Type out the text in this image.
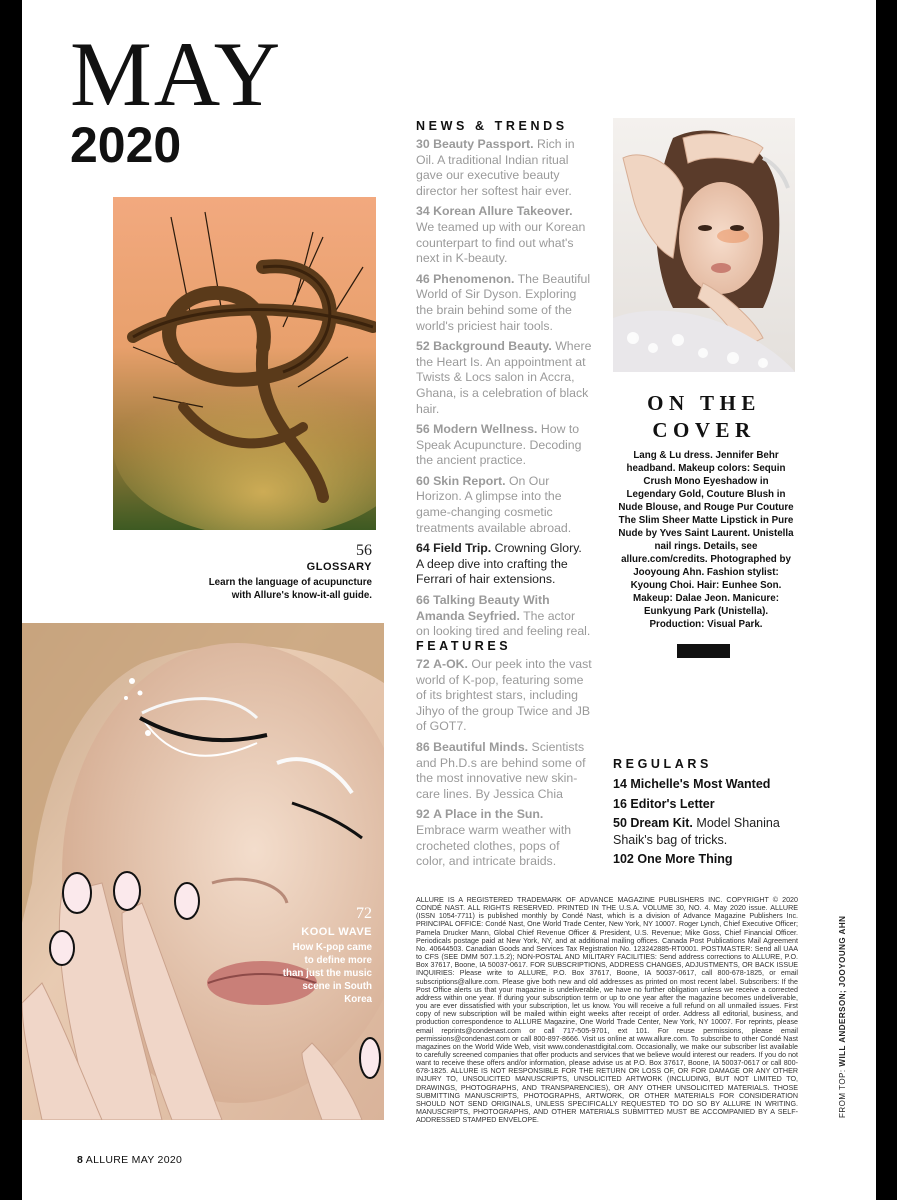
MAY
2020
56
GLOSSARY
Learn the language of acupuncture with Allure's know-it-all guide.
72
KOOL WAVE
How K-pop came to define more than just the music scene in South Korea
NEWS & TRENDS
30 Beauty Passport. Rich in Oil. A traditional Indian ritual gave our executive beauty director her softest hair ever.
34 Korean Allure Takeover. We teamed up with our Korean counterpart to find out what's next in K-beauty.
46 Phenomenon. The Beautiful World of Sir Dyson. Exploring the brain behind some of the world's priciest hair tools.
52 Background Beauty. Where the Heart Is. An appointment at Twists & Locs salon in Accra, Ghana, is a celebration of black hair.
56 Modern Wellness. How to Speak Acupuncture. Decoding the ancient practice.
60 Skin Report. On Our Horizon. A glimpse into the game-changing cosmetic treatments available abroad.
64 Field Trip. Crowning Glory. A deep dive into crafting the Ferrari of hair extensions.
66 Talking Beauty With Amanda Seyfried. The actor on looking tired and feeling real.
FEATURES
72 A-OK. Our peek into the vast world of K-pop, featuring some of its brightest stars, including Jihyo of the group Twice and JB of GOT7.
86 Beautiful Minds. Scientists and Ph.D.s are behind some of the most innovative new skin-care lines. By Jessica Chia
92 A Place in the Sun. Embrace warm weather with crocheted clothes, pops of color, and intricate braids.
ON THE
COVER
Lang & Lu dress. Jennifer Behr headband. Makeup colors: Sequin Crush Mono Eyeshadow in Legendary Gold, Couture Blush in Nude Blouse, and Rouge Pur Couture The Slim Sheer Matte Lipstick in Pure Nude by Yves Saint Laurent. Unistella nail rings. Details, see allure.com/credits. Photographed by Jooyoung Ahn. Fashion stylist: Kyoung Choi. Hair: Eunhee Son. Makeup: Dalae Jeon. Manicure: Eunkyung Park (Unistella). Production: Visual Park.
REGULARS
14 Michelle's Most Wanted
16 Editor's Letter
50 Dream Kit. Model Shanina Shaik's bag of tricks.
102 One More Thing
ALLURE IS A REGISTERED TRADEMARK OF ADVANCE MAGAZINE PUBLISHERS INC. COPYRIGHT © 2020 CONDÉ NAST. ALL RIGHTS RESERVED. PRINTED IN THE U.S.A. VOLUME 30, NO. 4. May 2020 issue. ALLURE (ISSN 1054-7711) is published monthly by Condé Nast, which is a division of Advance Magazine Publishers Inc. PRINCIPAL OFFICE: Condé Nast, One World Trade Center, New York, NY 10007. Roger Lynch, Chief Executive Officer; Pamela Drucker Mann, Global Chief Revenue Officer & President, U.S. Revenue; Mike Goss, Chief Financial Officer. Periodicals postage paid at New York, NY, and at additional mailing offices. Canada Post Publications Mail Agreement No. 40644503. Canadian Goods and Services Tax Registration No. 123242885-RT0001. POSTMASTER: Send all UAA to CFS (SEE DMM 507.1.5.2); NON-POSTAL AND MILITARY FACILITIES: Send address corrections to ALLURE, P.O. Box 37617, Boone, IA 50037-0617. FOR SUBSCRIPTIONS, ADDRESS CHANGES, ADJUSTMENTS, OR BACK ISSUE INQUIRIES: Please write to ALLURE, P.O. Box 37617, Boone, IA 50037-0617, call 800-678-1825, or email subscriptions@allure.com. Please give both new and old addresses as printed on most recent label. Subscribers: If the Post Office alerts us that your magazine is undeliverable, we have no further obligation unless we receive a corrected address within one year. If during your subscription term or up to one year after the magazine becomes undeliverable, you are ever dissatisfied with your subscription, let us know. You will receive a full refund on all unmailed issues. First copy of new subscription will be mailed within eight weeks after receipt of order. Address all editorial, business, and production correspondence to ALLURE Magazine, One World Trade Center, New York, NY 10007. For reprints, please email reprints@condenast.com or call 717-505-9701, ext 101. For reuse permissions, please email permissions@condenast.com or call 800-897-8666. Visit us online at www.allure.com. To subscribe to other Condé Nast magazines on the World Wide Web, visit www.condenastdigital.com. Occasionally, we make our subscriber list available to carefully screened companies that offer products and services that we believe would interest our readers. If you do not want to receive these offers and/or information, please advise us at P.O. Box 37617, Boone, IA 50037-0617 or call 800-678-1825. ALLURE IS NOT RESPONSIBLE FOR THE RETURN OR LOSS OF, OR FOR DAMAGE OR ANY OTHER INJURY TO, UNSOLICITED MANUSCRIPTS, UNSOLICITED ARTWORK (INCLUDING, BUT NOT LIMITED TO, DRAWINGS, PHOTOGRAPHS, AND TRANSPARENCIES), OR ANY OTHER UNSOLICITED MATERIALS. THOSE SUBMITTING MANUSCRIPTS, PHOTOGRAPHS, ARTWORK, OR OTHER MATERIALS FOR CONSIDERATION SHOULD NOT SEND ORIGINALS, UNLESS SPECIFICALLY REQUESTED TO DO SO BY ALLURE IN WRITING. MANUSCRIPTS, PHOTOGRAPHS, AND OTHER MATERIALS SUBMITTED MUST BE ACCOMPANIED BY A SELF-ADDRESSED STAMPED ENVELOPE.
FROM TOP: WILL ANDERSON; JOOYOUNG AHN
8 ALLURE MAY 2020
